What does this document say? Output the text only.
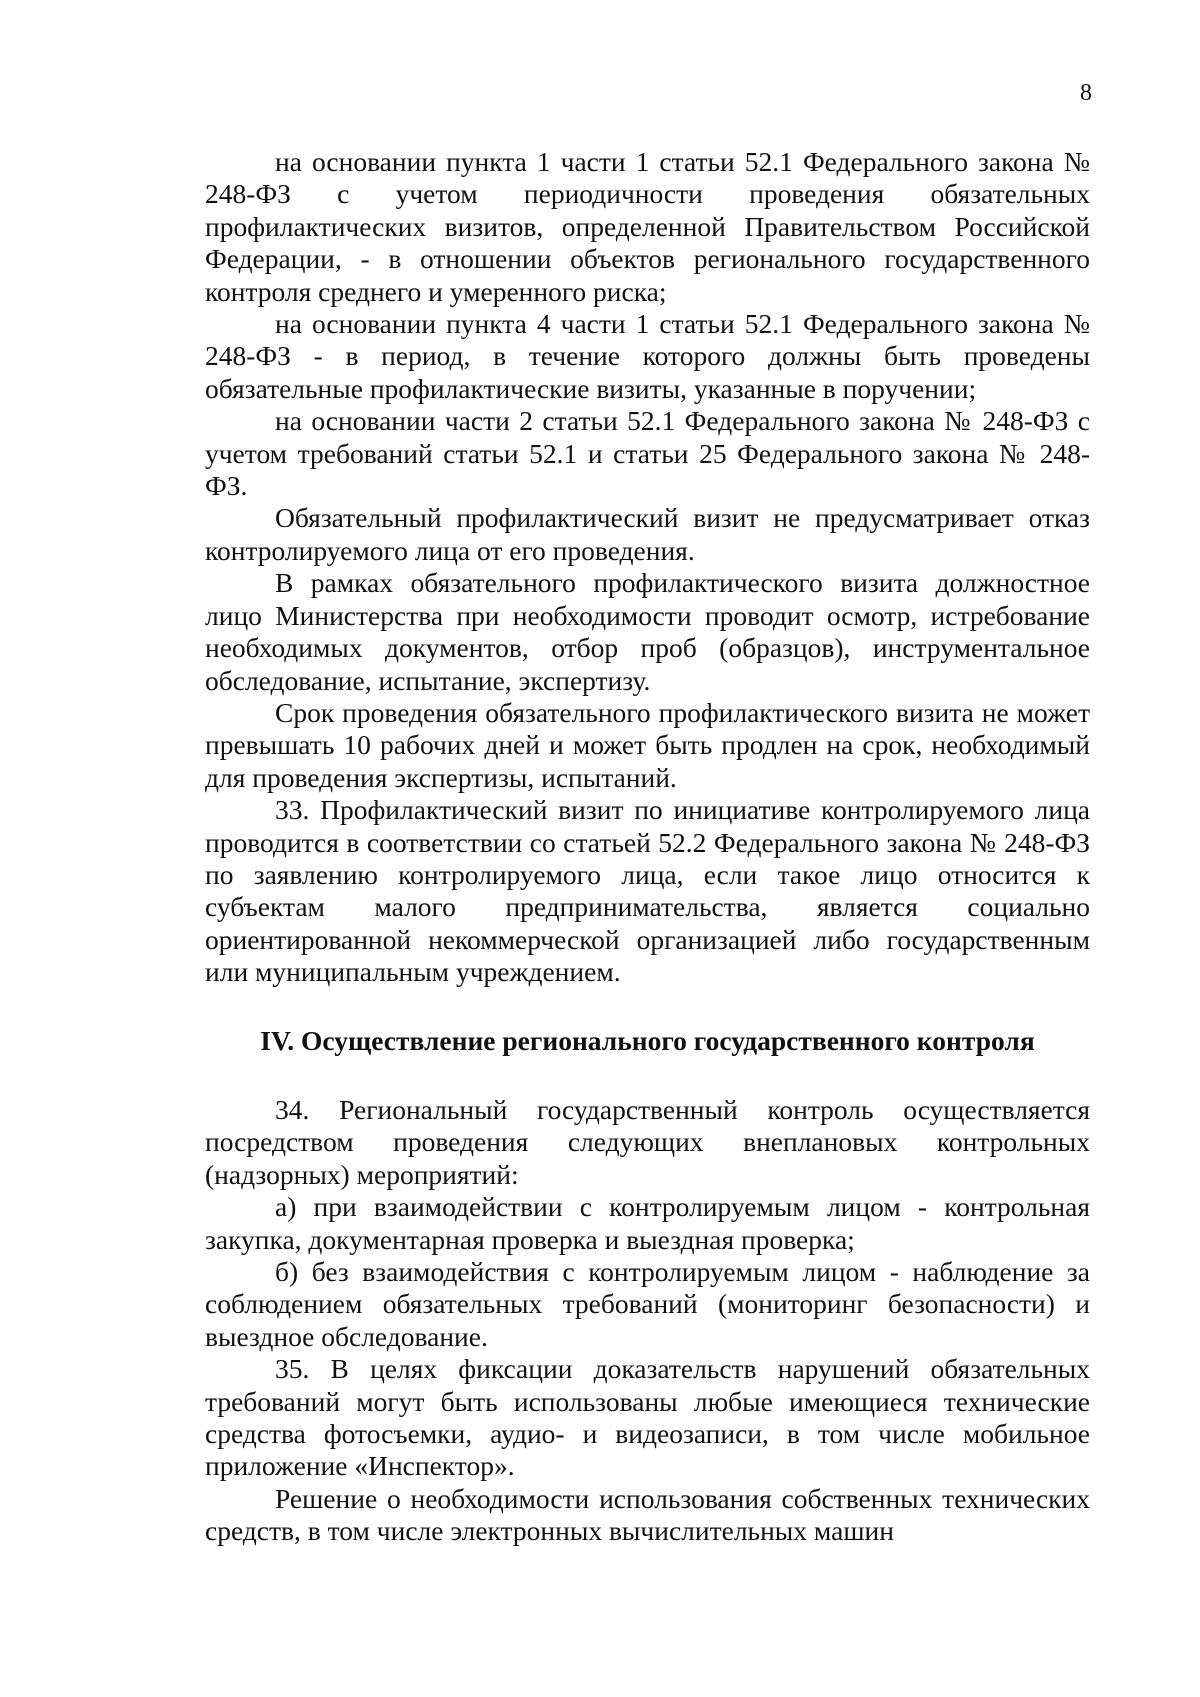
8

на основании пункта 1 части 1 статьи 52.1 Федерального закона № 248-ФЗ с учетом периодичности проведения обязательных профилактических визитов, определенной Правительством Российской Федерации, - в отношении объектов регионального государственного контроля среднего и умеренного риска;

на основании пункта 4 части 1 статьи 52.1 Федерального закона № 248-ФЗ - в период, в течение которого должны быть проведены обязательные профилактические визиты, указанные в поручении;

на основании части 2 статьи 52.1 Федерального закона № 248-ФЗ с учетом требований статьи 52.1 и статьи 25 Федерального закона № 248-ФЗ.

Обязательный профилактический визит не предусматривает отказ контролируемого лица от его проведения.

В рамках обязательного профилактического визита должностное лицо Министерства при необходимости проводит осмотр, истребование необходимых документов, отбор проб (образцов), инструментальное обследование, испытание, экспертизу.

Срок проведения обязательного профилактического визита не может превышать 10 рабочих дней и может быть продлен на срок, необходимый для проведения экспертизы, испытаний.

33. Профилактический визит по инициативе контролируемого лица проводится в соответствии со статьей 52.2 Федерального закона № 248-ФЗ по заявлению контролируемого лица, если такое лицо относится к субъектам малого предпринимательства, является социально ориентированной некоммерческой организацией либо государственным или муниципальным учреждением.

IV. Осуществление регионального государственного контроля

34. Региональный государственный контроль осуществляется посредством проведения следующих внеплановых контрольных (надзорных) мероприятий:

а) при взаимодействии с контролируемым лицом - контрольная закупка, документарная проверка и выездная проверка;

б) без взаимодействия с контролируемым лицом - наблюдение за соблюдением обязательных требований (мониторинг безопасности) и выездное обследование.

35. В целях фиксации доказательств нарушений обязательных требований могут быть использованы любые имеющиеся технические средства фотосъемки, аудио- и видеозаписи, в том числе мобильное приложение «Инспектор».

Решение о необходимости использования собственных технических средств, в том числе электронных вычислительных машин
